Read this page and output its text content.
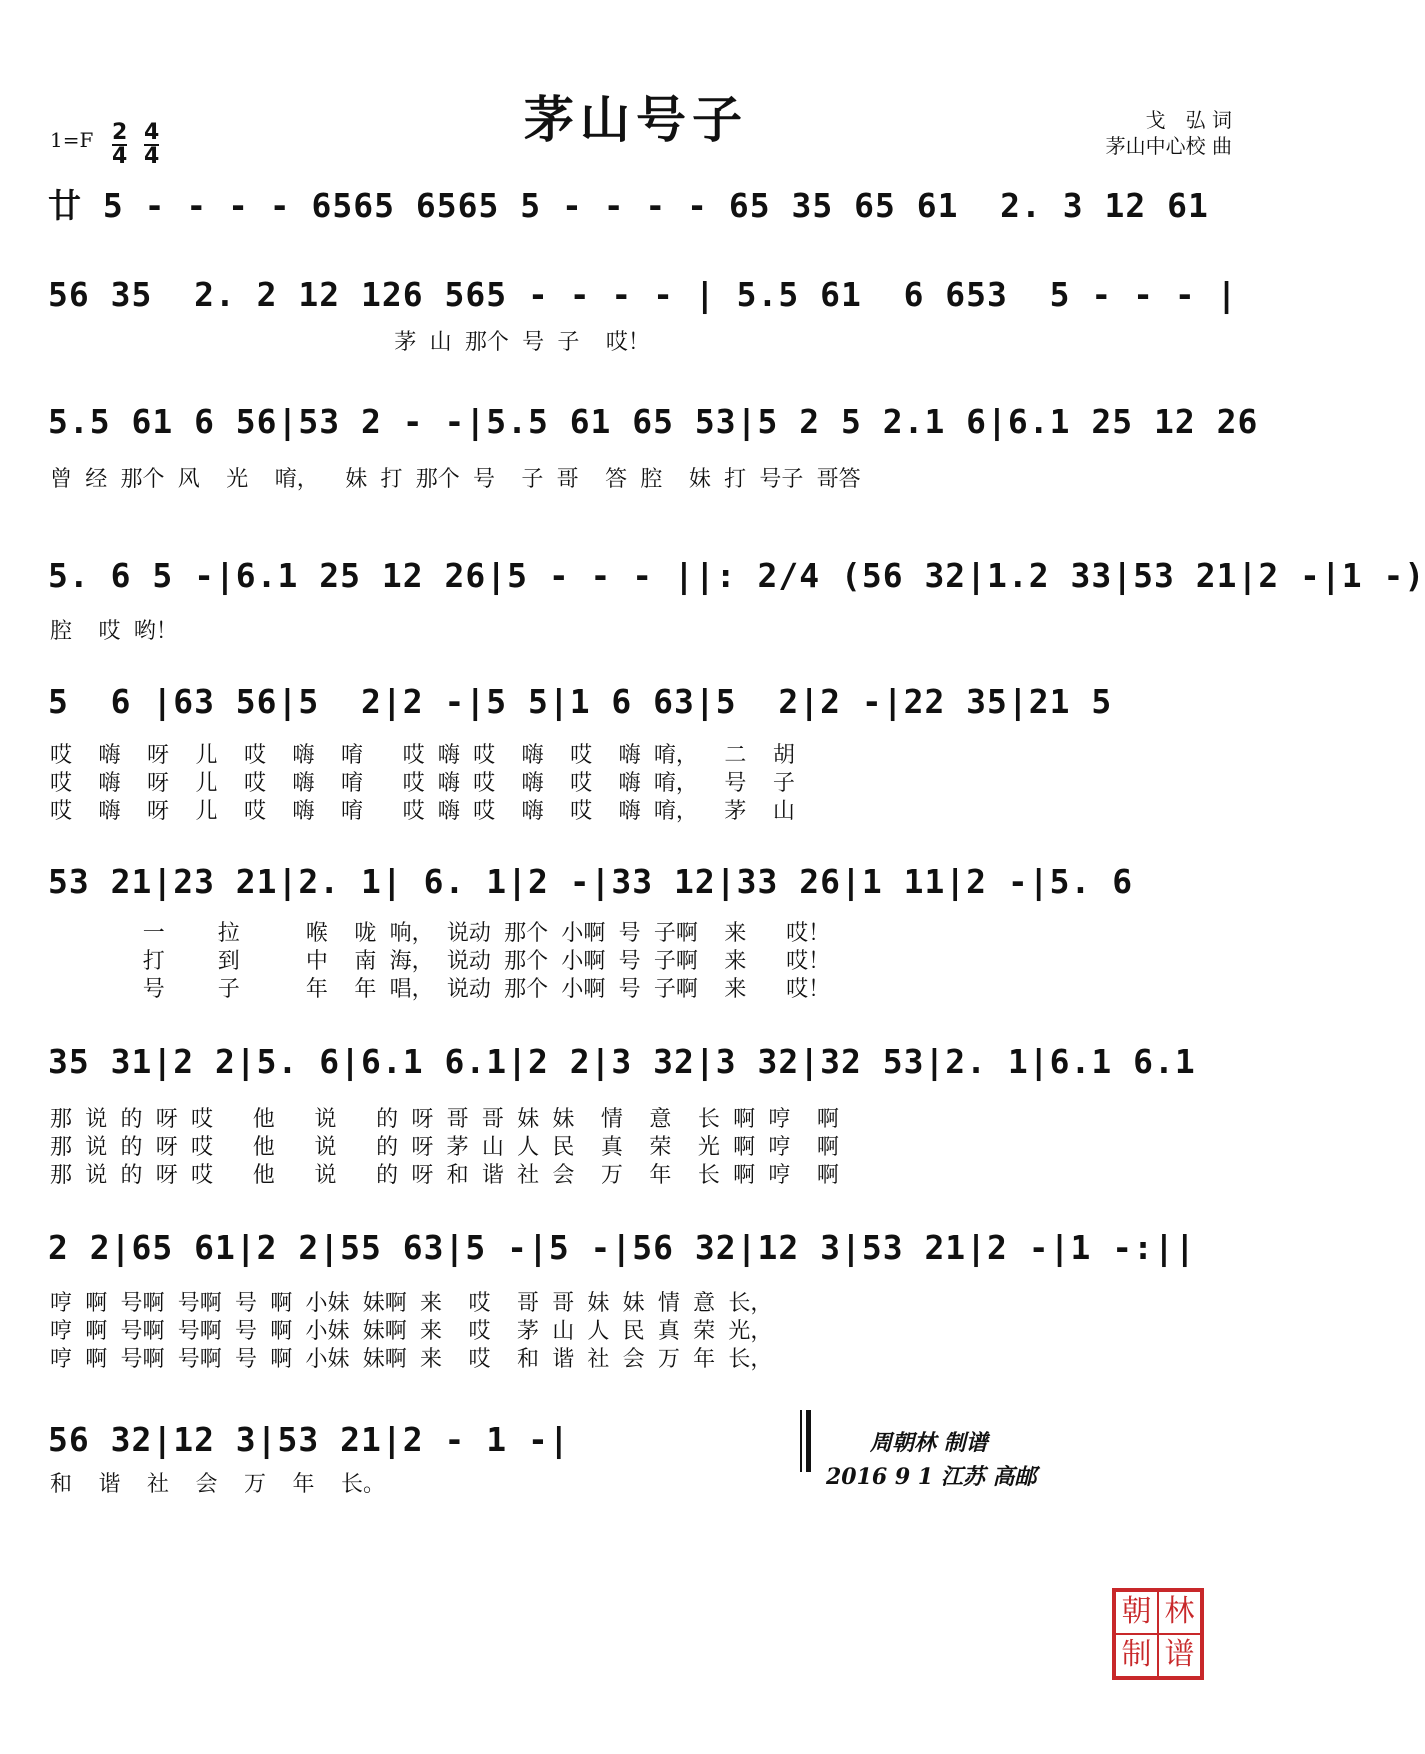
茅山号子	戈　弘 词
茅山中心校 曲
$1=F \frac{2}{4} \frac{4}{4}$
廿 5 - - - - 6565 6565 5 - - - - 65 35 65 61  2. 3 12 61
56 35  2. 2 12 126 565 - - - - | 5.5 61  6 653  5 - - - |
茅 山 那个 号 子  哎！
5.5 61 6 56|53 2 - -|5.5 61 65 53|5 2 5 2.1 6|6.1 25 12 26
曾 经 那个 风  光  唷，  妹 打 那个 号  子 哥  答 腔  妹 打 号子 哥答
5. 6 5 -|6.1 25 12 26|5 - - - ||: 2/4 (56 32|1.2 33|53 21|2 -|1 -)
腔  哎 哟！
5  6 |63 56|5  2|2 -|5 5|1 6 63|5  2|2 -|22 35|21 5
哎  嗨  呀  儿  哎  嗨  唷   哎 嗨 哎  嗨  哎  嗨 唷，  二  胡
哎  嗨  呀  儿  哎  嗨  唷   哎 嗨 哎  嗨  哎  嗨 唷，  号  子
哎  嗨  呀  儿  哎  嗨  唷   哎 嗨 哎  嗨  哎  嗨 唷，  茅  山
53 21|23 21|2. 1| 6. 1|2 -|33 12|33 26|1 11|2 -|5. 6
一    拉     喉  咙 响， 说动 那个 小啊 号 子啊  来   哎！
打    到     中  南 海， 说动 那个 小啊 号 子啊  来   哎！
号    子     年  年 唱， 说动 那个 小啊 号 子啊  来   哎！
35 31|2 2|5. 6|6.1 6.1|2 2|3 32|3 32|32 53|2. 1|6.1 6.1
那 说 的 呀 哎   他   说   的 呀 哥 哥 妹 妹  情  意  长 啊 哼  啊
那 说 的 呀 哎   他   说   的 呀 茅 山 人 民  真  荣  光 啊 哼  啊
那 说 的 呀 哎   他   说   的 呀 和 谐 社 会  万  年  长 啊 哼  啊
2 2|65 61|2 2|55 63|5 -|5 -|56 32|12 3|53 21|2 -|1 -:||
哼 啊 号啊 号啊 号 啊 小妹 妹啊 来  哎  哥 哥 妹 妹 情 意 长，
哼 啊 号啊 号啊 号 啊 小妹 妹啊 来  哎  茅 山 人 民 真 荣 光，
哼 啊 号啊 号啊 号 啊 小妹 妹啊 来  哎  和 谐 社 会 万 年 长，
56 32|12 3|53 21|2 - 1 -|
和  谐  社  会  万  年  长。
周朝林 制谱
2016 9 1 江苏 高邮
朝 林
制 谱
